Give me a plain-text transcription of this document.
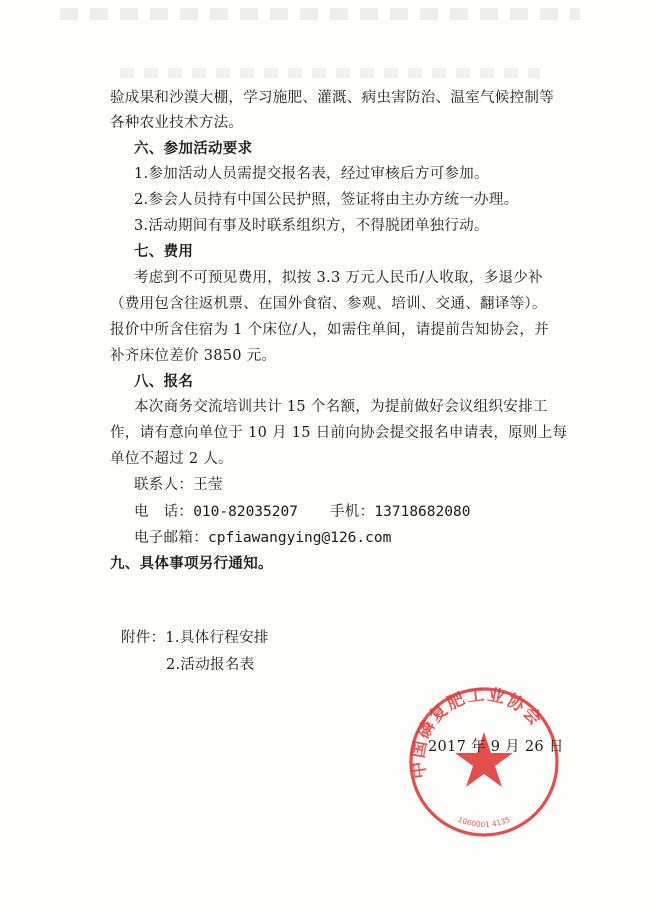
验成果和沙漠大棚，学习施肥、灌溉、病虫害防治、温室气候控制等
各种农业技术方法。
六、参加活动要求
1.参加活动人员需提交报名表，经过审核后方可参加。
2.参会人员持有中国公民护照，签证将由主办方统一办理。
3.活动期间有事及时联系组织方，不得脱团单独行动。
七、费用
考虑到不可预见费用，拟按 3.3 万元人民币/人收取，多退少补
（费用包含往返机票、在国外食宿、参观、培训、交通、翻译等）。
报价中所含住宿为 1 个床位/人，如需住单间，请提前告知协会，并
补齐床位差价 3850 元。
八、报名
本次商务交流培训共计 15 个名额，为提前做好会议组织安排工
作，请有意向单位于 10 月 15 日前向协会提交报名申请表，原则上每
单位不超过 2 人。
联系人：王莹
电　话：010-82035207 手机：13718682080
电子邮箱：cpfiawangying@126.com
九、具体事项另行通知。
附件：1.具体行程安排
2.活动报名表
中国磷复肥工业协会
1060001 4135
2017 年 9 月 26 日
